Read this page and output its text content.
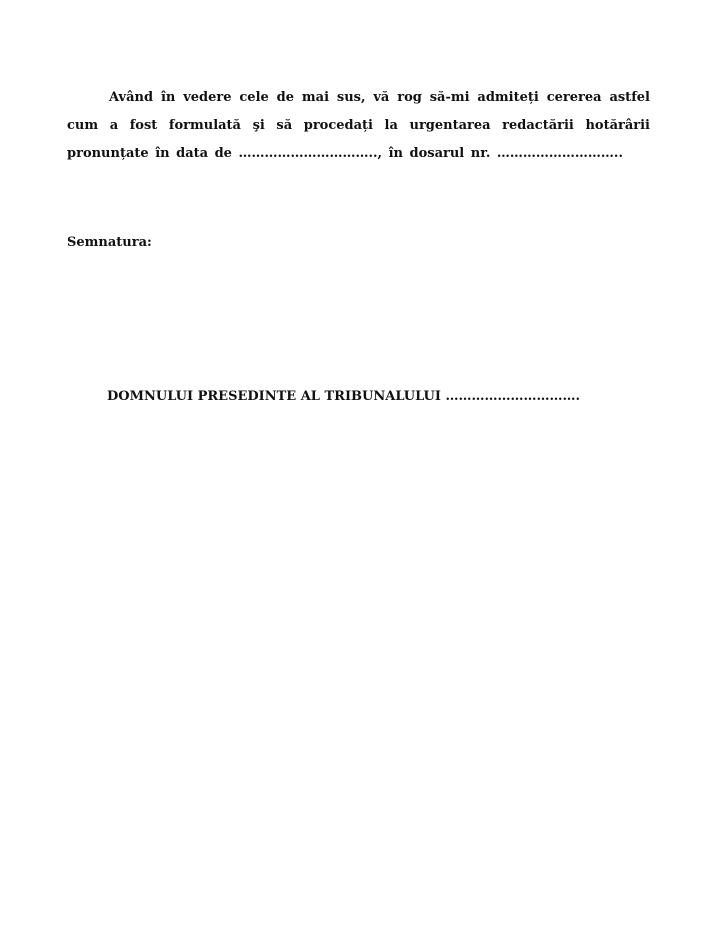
Având în vedere cele de mai sus, vă rog să-mi admiteți cererea astfel cum a fost formulată şi să procedați la urgentarea redactării hotărârii pronunțate în data de ………………………….., în dosarul nr. ………………………..

Semnatura:

DOMNULUI PRESEDINTE AL TRIBUNALULUI ………………………….
